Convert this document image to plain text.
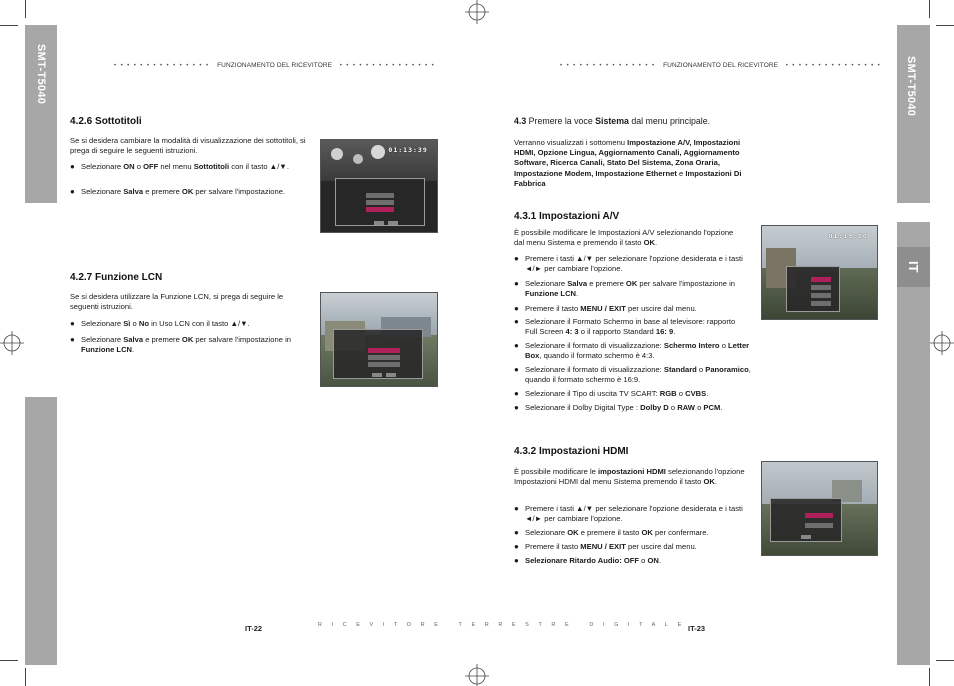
SMT-T5040	SMT-T5040
IT
• • • • • • • • • • • • • • • FUNZIONAMENTO DEL RICEVITORE • • • • • • • • • • • • • • •
4.2.6 Sottotitoli
Se si desidera cambiare la modalità di visualizzazione dei sottotitoli, si prega di seguire le seguenti istruzioni.
● Selezionare ON o OFF nel menu Sottotitoli con il tasto ▲/▼.
● Selezionare Salva e premere OK per salvare l'impostazione.
01:13:39
4.2.7 Funzione LCN
Se si desidera utilizzare la Funzione LCN, si prega di seguire le seguenti istruzioni.
● Selezionare Sì o No in Uso LCN con il tasto ▲/▼.
● Selezionare Salva e premere OK per salvare l'impostazione in Funzione LCN.
IT-22	RICEVITORE TERRESTRE DIGITALE
• • • • • • • • • • • • • • • FUNZIONAMENTO DEL RICEVITORE • • • • • • • • • • • • • • •
4.3 Premere la voce Sistema dal menu principale.
Verranno visualizzati i sottomenu Impostazione A/V, Impostazioni HDMI, Opzione Lingua, Aggiornamento Canali, Aggiornamento Software, Ricerca Canali, Stato Del Sistema, Zona Oraria, Impostazione Modem, Impostazione Ethernet e Impostazioni Di Fabbrica
4.3.1 Impostazioni A/V
È possibile modificare le Impostazioni A/V selezionando l'opzione dal menu Sistema e premendo il tasto OK.
● Premere i tasti ▲/▼ per selezionare l'opzione desiderata e i tasti ◄/► per cambiare l'opzione.
● Selezionare Salva e premere OK per salvare l'impostazione in Funzione LCN.
● Premere il tasto MENU / EXIT per uscire dal menu.
● Selezionare il Formato Schermo in base al televisore: rapporto Full Screen 4: 3 o il rapporto Standard 16: 9.
● Selezionare il formato di visualizzazione: Schermo Intero o Letter Box, quando il formato schermo è 4:3.
● Selezionare il formato di visualizzazione: Standard o Panoramico, quando il formato schermo è 16:9.
● Selezionare il Tipo di uscita TV SCART: RGB o CVBS.
● Selezionare il Dolby Digital Type : Dolby D o RAW o PCM.
01:19:00
4.3.2 Impostazioni HDMI
È possibile modificare le impostazioni HDMI selezionando l'opzione Impostazioni HDMI dal menu Sistema premendo il tasto OK.
● Premere i tasti ▲/▼ per selezionare l'opzione desiderata e i tasti ◄/► per cambiare l'opzione.
● Selezionare OK e premere il tasto OK per confermare.
● Premere il tasto MENU / EXIT per uscire dal menu.
● Selezionare Ritardo Audio: OFF o ON.
IT-23
